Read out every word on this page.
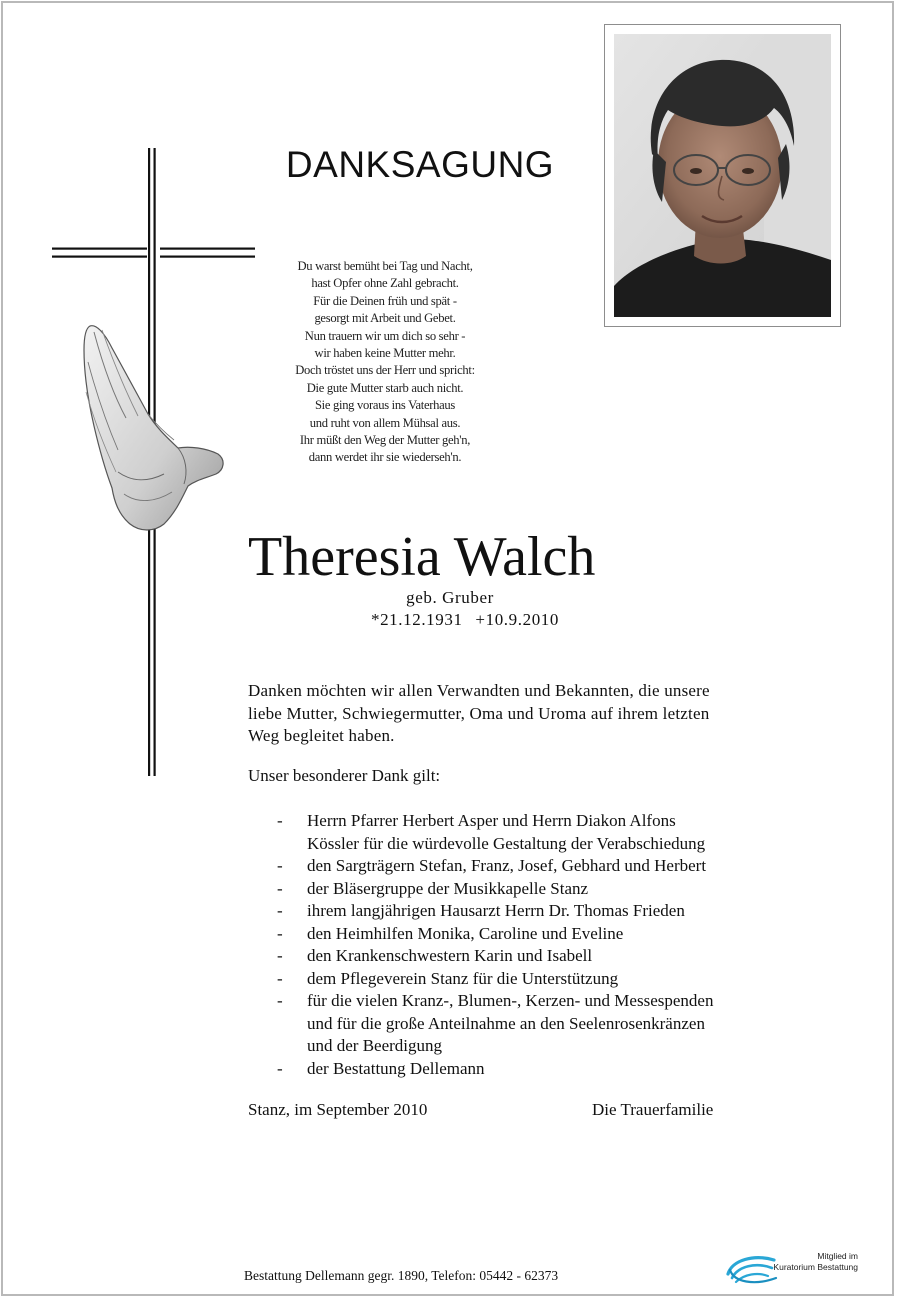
DANKSAGUNG
Du warst bemüht bei Tag und Nacht,
hast Opfer ohne Zahl gebracht.
Für die Deinen früh und spät -
gesorgt mit Arbeit und Gebet.
Nun trauern wir um dich so sehr -
wir haben keine Mutter mehr.
Doch tröstet uns der Herr und spricht:
Die gute Mutter starb auch nicht.
Sie ging voraus ins Vaterhaus
und ruht von allem Mühsal aus.
Ihr müßt den Weg der Mutter geh'n,
dann werdet ihr sie wiederseh'n.
Theresia Walch
geb. Gruber
*21.12.1931 +10.9.2010
Danken möchten wir allen Verwandten und Bekannten, die unsere
liebe Mutter, Schwiegermutter, Oma und Uroma auf ihrem letzten
Weg begleitet haben.
Unser besonderer Dank gilt:
- Herrn Pfarrer Herbert Asper und Herrn Diakon Alfons
Kössler für die würdevolle Gestaltung der Verabschiedung
- den Sargträgern Stefan, Franz, Josef, Gebhard und Herbert
- der Bläsergruppe der Musikkapelle Stanz
- ihrem langjährigen Hausarzt Herrn Dr. Thomas Frieden
- den Heimhilfen Monika, Caroline und Eveline
- den Krankenschwestern Karin und Isabell
- dem Pflegeverein Stanz für die Unterstützung
- für die vielen Kranz-, Blumen-, Kerzen- und Messespenden
und für die große Anteilnahme an den Seelenrosenkränzen
und der Beerdigung
- der Bestattung Dellemann
Stanz, im September 2010	Die Trauerfamilie
Bestattung Dellemann gegr. 1890, Telefon: 05442 - 62373
Mitglied im
Kuratorium Bestattung
